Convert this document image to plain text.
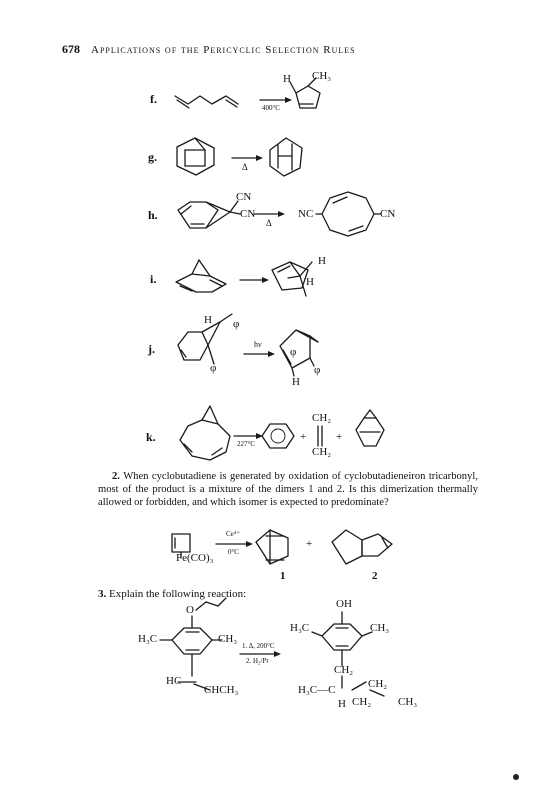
678 Applications of the Pericyclic Selection Rules
f.
400°C
H CH₃
g.
Δ
h.
CN
CN
Δ
NC	CN
i.
H
H
j.
H φ
φ
hν
φ
φ
H
k.	227°C
+
CH₂
CH₂
+
2. When cyclobutadiene is generated by oxidation of cyclobutadieneiron tricarbonyl, most of the product is a mixture of the dimers 1 and 2. Is this dimerization thermally allowed or forbidden, and which isomer is expected to predominate?
Fe(CO)₃
Ce⁴⁺
0°C
+
1	2
3. Explain the following reaction:
O
H₃C	CH₃
HC
CHCH₃
1. Δ, 200°C
2. H₂/Pt
OH
H₃C	CH₃
CH₂
H₃C—C
H CH₂
CH₂
CH₃
